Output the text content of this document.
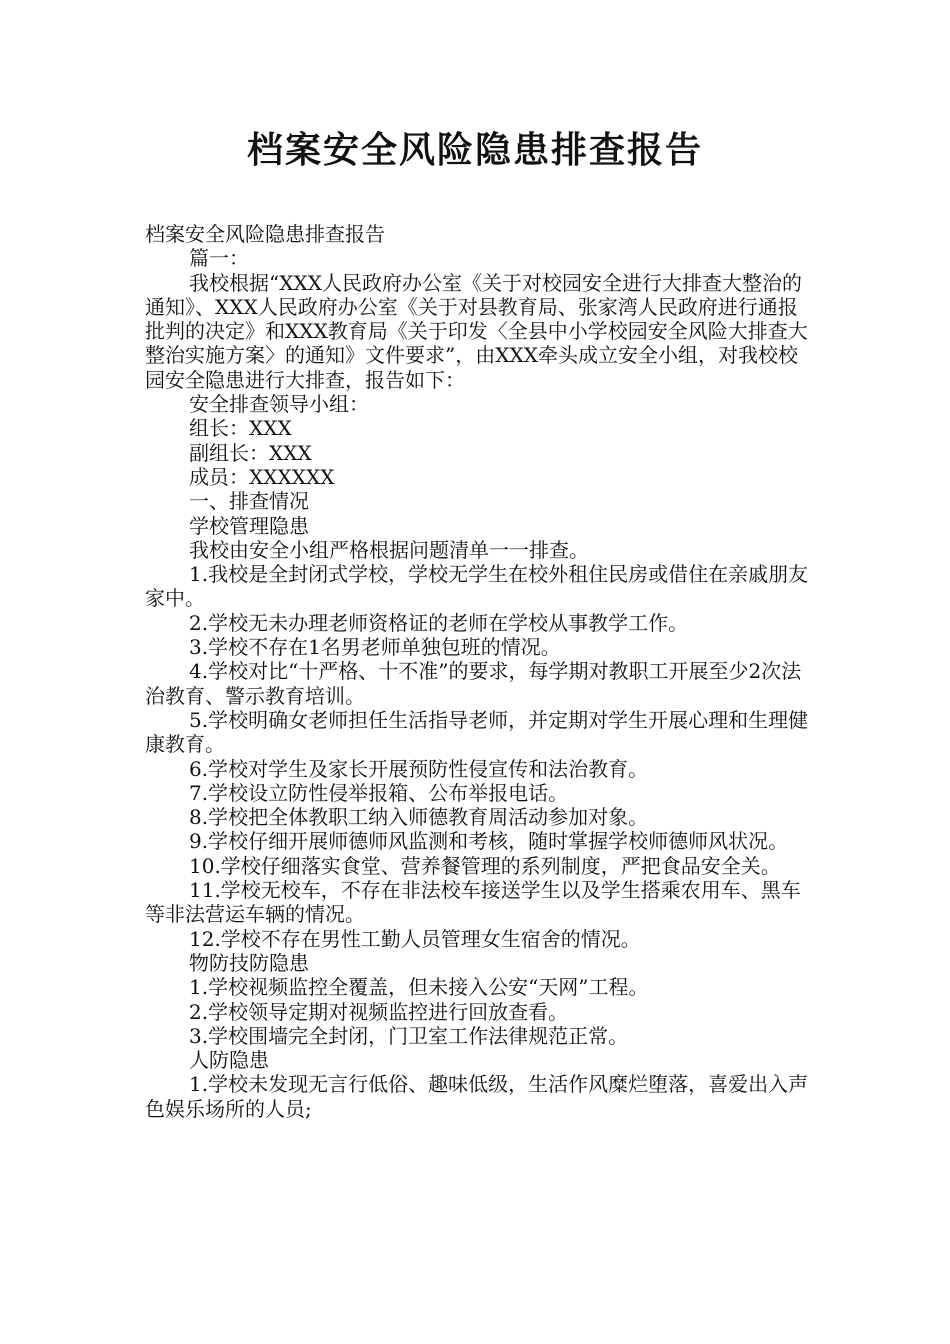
档案安全风险隐患排查报告

档案安全风险隐患排查报告

篇一：

我校根据“XXX人民政府办公室《关于对校园安全进行大排查大整治的通知》、XXX人民政府办公室《关于对县教育局、张家湾人民政府进行通报批判的决定》和XXX教育局《关于印发〈全县中小学校园安全风险大排查大整治实施方案〉的通知》文件要求”，由XXX牵头成立安全小组，对我校校园安全隐患进行大排查，报告如下：

安全排查领导小组：

组长：XXX

副组长：XXX

成员：XXXXXX

一、排查情况

学校管理隐患

我校由安全小组严格根据问题清单一一排查。

1.我校是全封闭式学校，学校无学生在校外租住民房或借住在亲戚朋友家中。

2.学校无未办理老师资格证的老师在学校从事教学工作。

3.学校不存在1名男老师单独包班的情况。

4.学校对比“十严格、十不准”的要求，每学期对教职工开展至少2次法治教育、警示教育培训。

5.学校明确女老师担任生活指导老师，并定期对学生开展心理和生理健康教育。

6.学校对学生及家长开展预防性侵宣传和法治教育。

7.学校设立防性侵举报箱、公布举报电话。

8.学校把全体教职工纳入师德教育周活动参加对象。

9.学校仔细开展师德师风监测和考核，随时掌握学校师德师风状况。

10.学校仔细落实食堂、营养餐管理的系列制度，严把食品安全关。

11.学校无校车，不存在非法校车接送学生以及学生搭乘农用车、黑车等非法营运车辆的情况。

12.学校不存在男性工勤人员管理女生宿舍的情况。

物防技防隐患

1.学校视频监控全覆盖，但未接入公安“天网”工程。

2.学校领导定期对视频监控进行回放查看。

3.学校围墙完全封闭，门卫室工作法律规范正常。

人防隐患

1.学校未发现无言行低俗、趣味低级，生活作风糜烂堕落，喜爱出入声色娱乐场所的人员;
